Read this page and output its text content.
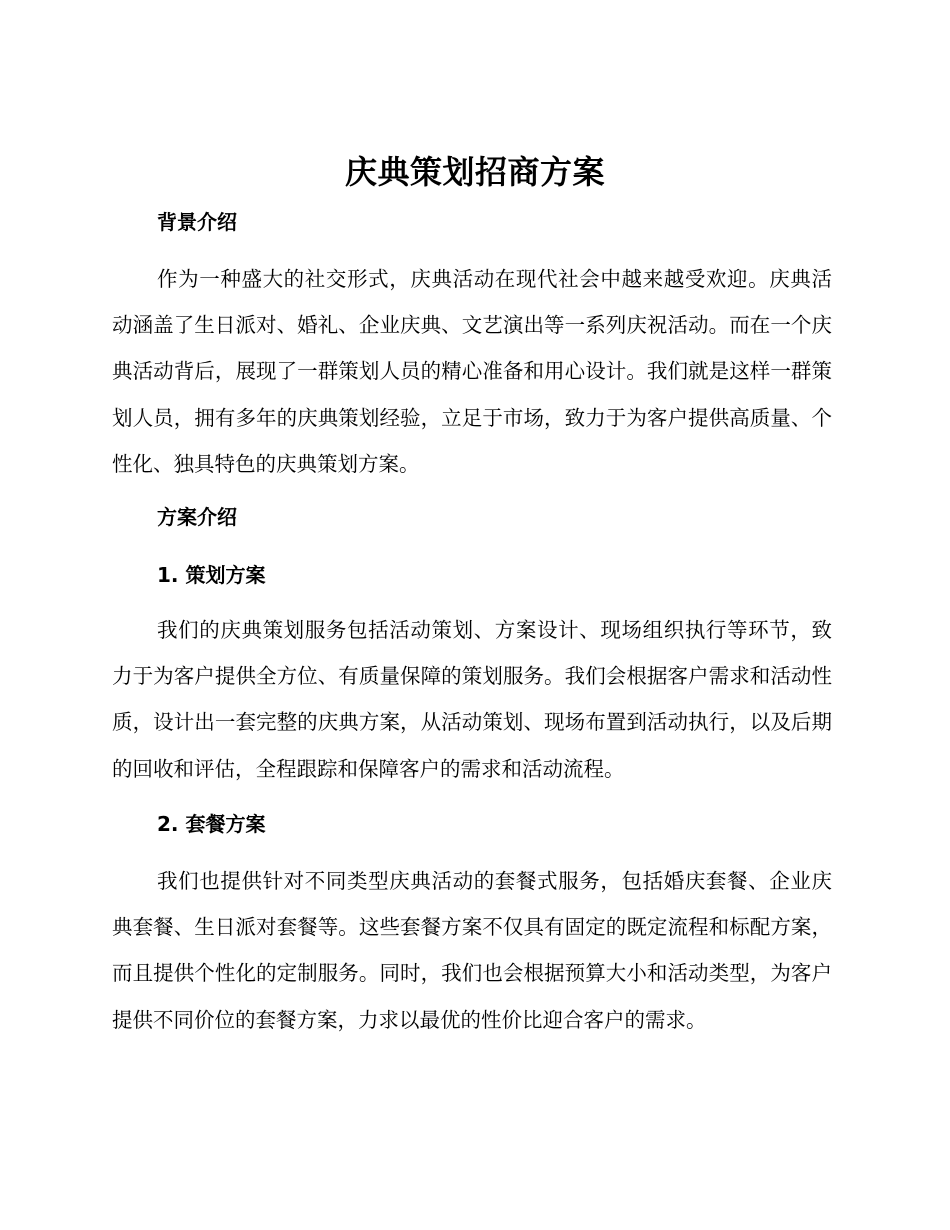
庆典策划招商方案
背景介绍

作为一种盛大的社交形式，庆典活动在现代社会中越来越受欢迎。庆典活动涵盖了生日派对、婚礼、企业庆典、文艺演出等一系列庆祝活动。而在一个庆典活动背后，展现了一群策划人员的精心准备和用心设计。我们就是这样一群策划人员，拥有多年的庆典策划经验，立足于市场，致力于为客户提供高质量、个性化、独具特色的庆典策划方案。

方案介绍
1. 策划方案

我们的庆典策划服务包括活动策划、方案设计、现场组织执行等环节，致力于为客户提供全方位、有质量保障的策划服务。我们会根据客户需求和活动性质，设计出一套完整的庆典方案，从活动策划、现场布置到活动执行，以及后期的回收和评估，全程跟踪和保障客户的需求和活动流程。

2. 套餐方案

我们也提供针对不同类型庆典活动的套餐式服务，包括婚庆套餐、企业庆典套餐、生日派对套餐等。这些套餐方案不仅具有固定的既定流程和标配方案，而且提供个性化的定制服务。同时，我们也会根据预算大小和活动类型，为客户提供不同价位的套餐方案，力求以最优的性价比迎合客户的需求。
